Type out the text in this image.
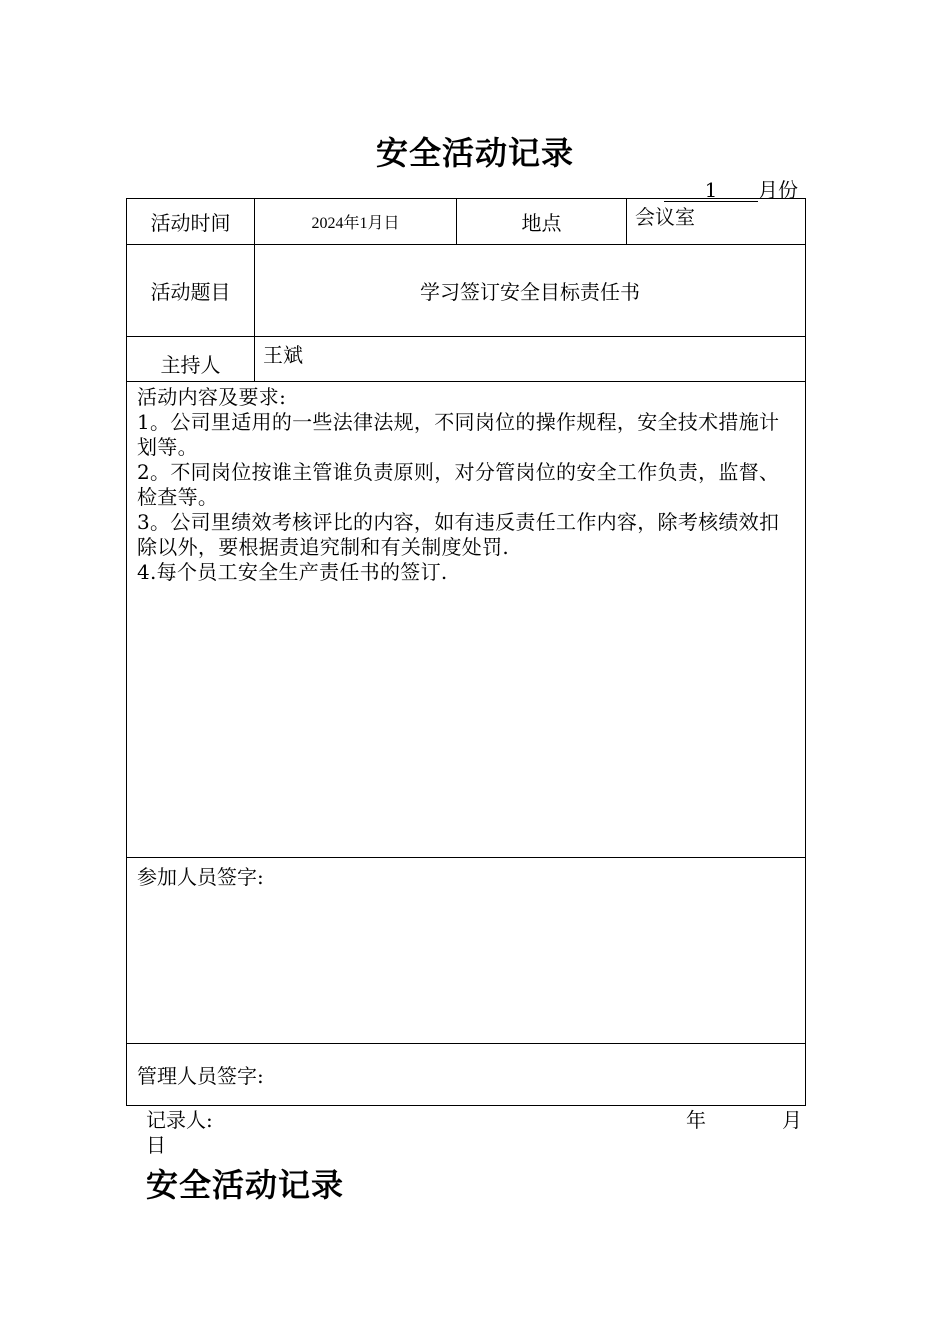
安全活动记录
1 月份
活动时间	2024年1月日	地点	会议室
活动题目	学习签订安全目标责任书		
主持人	王斌		

活动内容及要求:

1。公司里适用的一些法律法规，不同岗位的操作规程，安全技术措施计划等。

2。不同岗位按谁主管谁负责原则，对分管岗位的安全工作负责，监督、检查等。

3。公司里绩效考核评比的内容，如有违反责任工作内容，除考核绩效扣除以外，要根据责追究制和有关制度处罚.

4.每个员工安全生产责任书的签订.			

参加人员签字:			
管理人员签字:			
记录人:	年	月
日
安全活动记录
